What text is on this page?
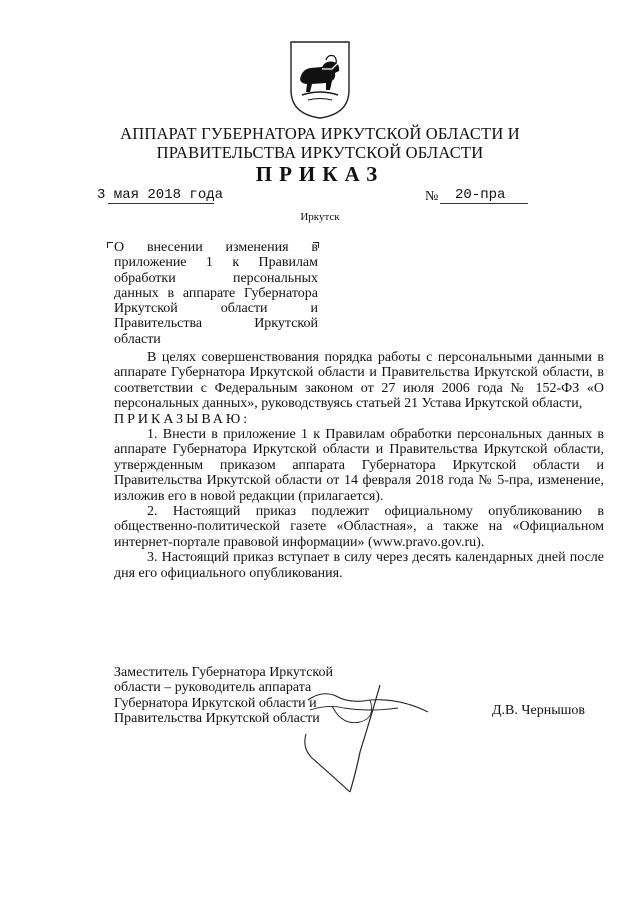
АППАРАТ ГУБЕРНАТОРА ИРКУТСКОЙ ОБЛАСТИ И
ПРАВИТЕЛЬСТВА ИРКУТСКОЙ ОБЛАСТИ
ПРИКАЗ
3 мая 2018 года	№ 20-пра
Иркутск
О внесении изменения в
приложение 1 к Правилам
обработки персональных
данных в аппарате Губернатора
Иркутской области и
Правительства Иркутской
области

В целях совершенствования порядка работы с персональными данными в аппарате Губернатора Иркутской области и Правительства Иркутской области, в соответствии с Федеральным законом от 27 июля 2006 года № 152-ФЗ «О персональных данных», руководствуясь статьей 21 Устава Иркутской области,

ПРИКАЗЫВАЮ:

1. Внести в приложение 1 к Правилам обработки персональных данных в аппарате Губернатора Иркутской области и Правительства Иркутской области, утвержденным приказом аппарата Губернатора Иркутской области и Правительства Иркутской области от 14 февраля 2018 года № 5-пра, изменение, изложив его в новой редакции (прилагается).

2. Настоящий приказ подлежит официальному опубликованию в общественно-политической газете «Областная», а также на «Официальном интернет-портале правовой информации» (www.pravo.gov.ru).

3. Настоящий приказ вступает в силу через десять календарных дней после дня его официального опубликования.

Заместитель Губернатора Иркутской
области – руководитель аппарата
Губернатора Иркутской области и
Правительства Иркутской области
Д.В. Чернышов
